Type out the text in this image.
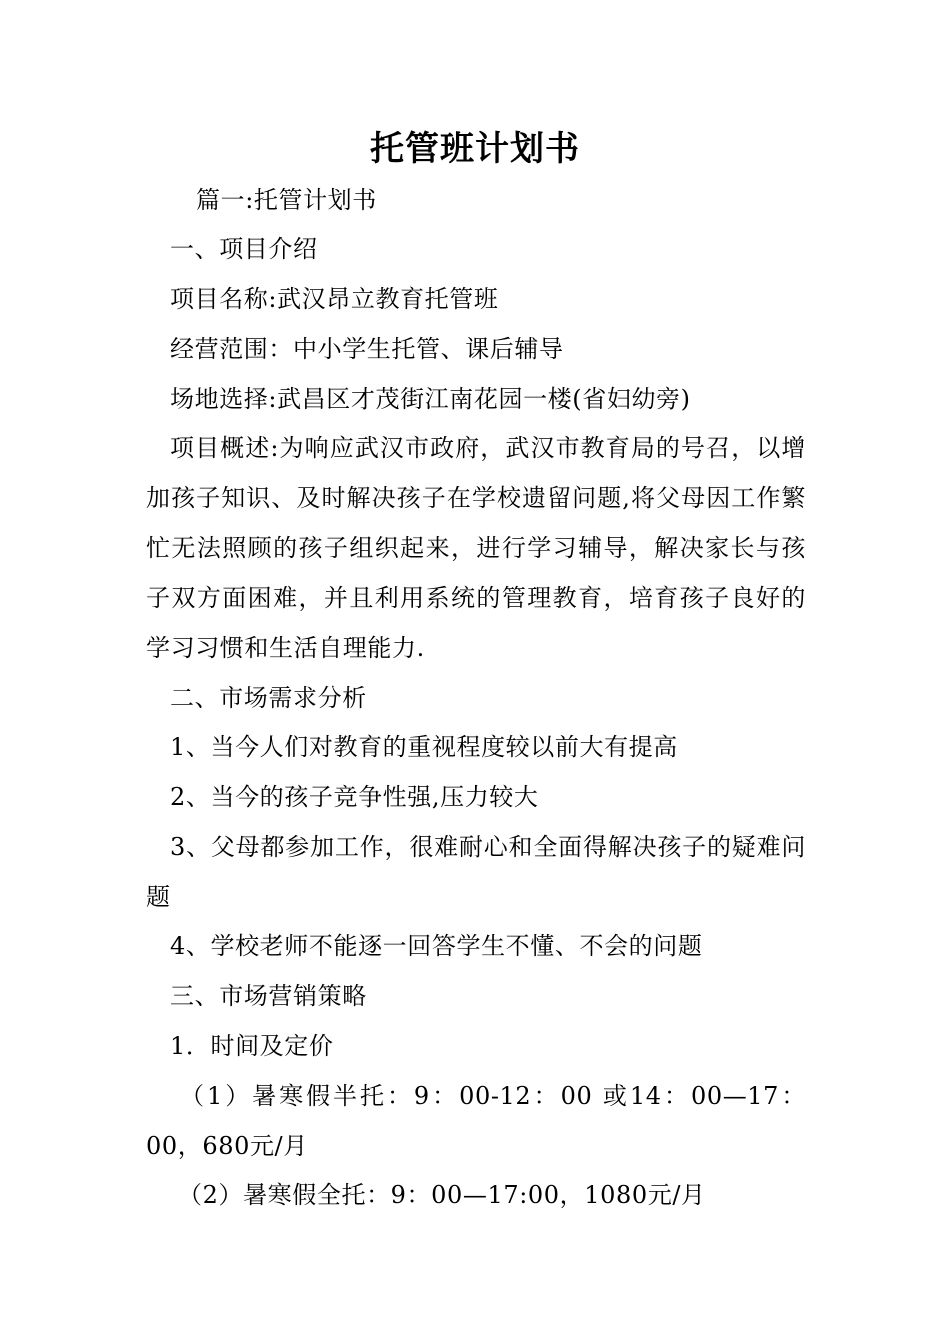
托管班计划书
篇一:托管计划书
一、项目介绍
项目名称:武汉昂立教育托管班
经营范围：中小学生托管、课后辅导
场地选择:武昌区才茂街江南花园一楼(省妇幼旁)

项目概述:为响应武汉市政府，武汉市教育局的号召，以增加孩子知识、及时解决孩子在学校遗留问题,将父母因工作繁忙无法照顾的孩子组织起来，进行学习辅导，解决家长与孩子双方面困难，并且利用系统的管理教育，培育孩子良好的学习习惯和生活自理能力.

二、市场需求分析
1、当今人们对教育的重视程度较以前大有提高
2、当今的孩子竞争性强,压力较大

3、父母都参加工作，很难耐心和全面得解决孩子的疑难问题

4、学校老师不能逐一回答学生不懂、不会的问题
三、市场营销策略
1．时间及定价

（1）暑寒假半托：9：00-12：00 或14：00—17：00，680元/月

（2）暑寒假全托：9：00—17:00，1080元/月
